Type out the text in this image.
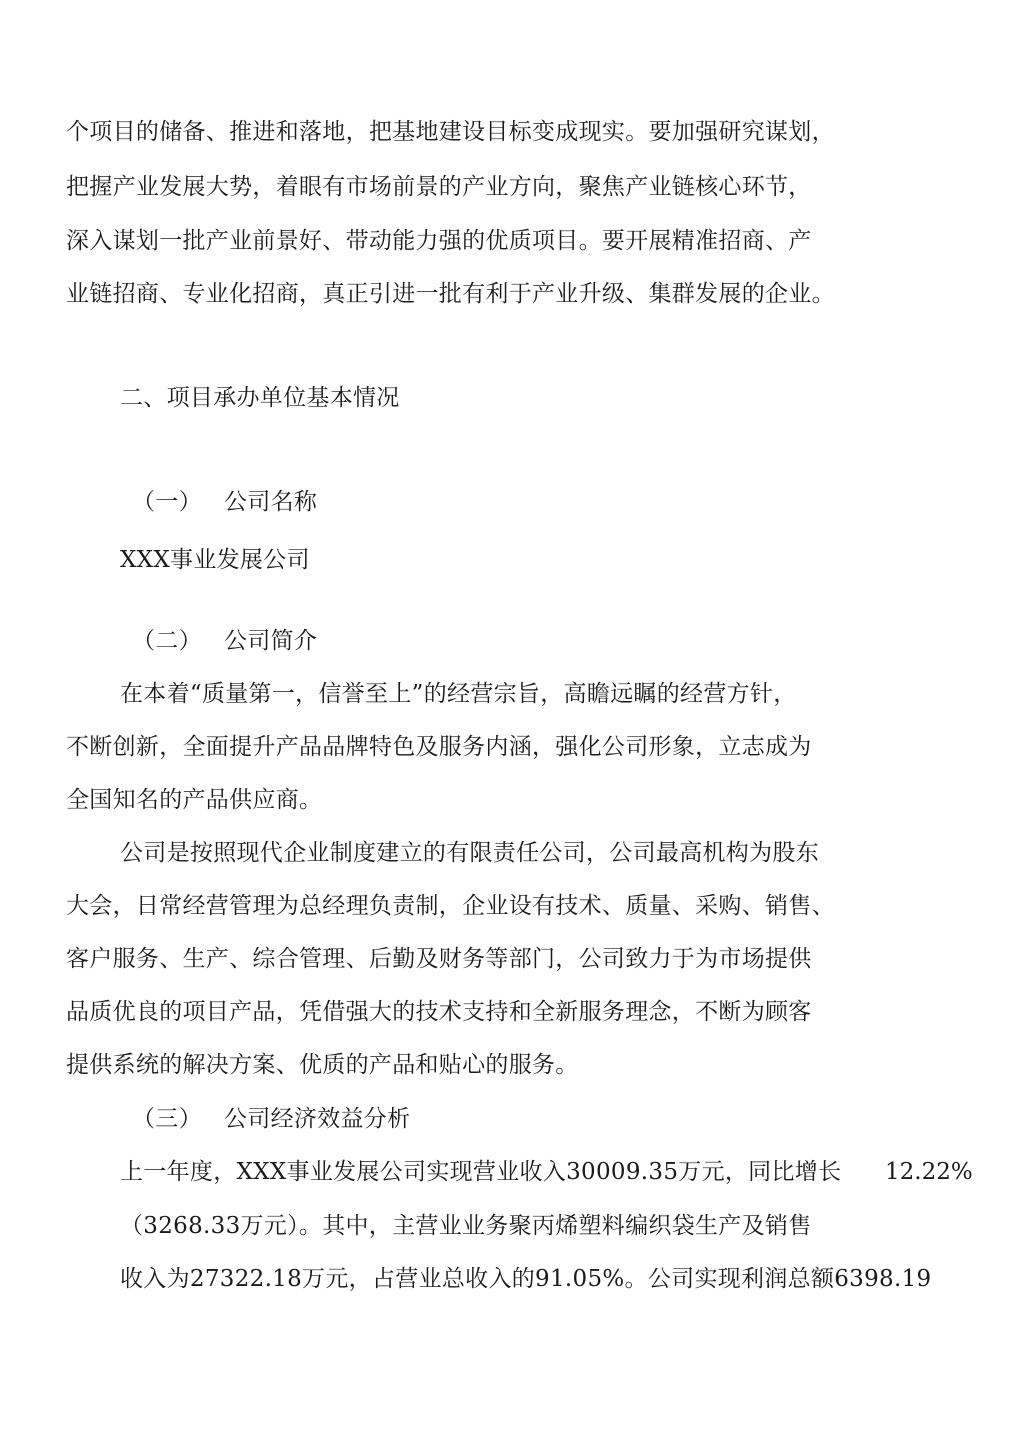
个项目的储备、推进和落地，把基地建设目标变成现实。要加强研究谋划，
把握产业发展大势，着眼有市场前景的产业方向，聚焦产业链核心环节，
深入谋划一批产业前景好、带动能力强的优质项目。要开展精准招商、产
业链招商、专业化招商，真正引进一批有利于产业升级、集群发展的企业。
二、项目承办单位基本情况
（一） 公司名称
XXX事业发展公司
（二） 公司简介
在本着“质量第一，信誉至上”的经营宗旨，高瞻远瞩的经营方针，
不断创新，全面提升产品品牌特色及服务内涵，强化公司形象，立志成为
全国知名的产品供应商。
公司是按照现代企业制度建立的有限责任公司，公司最高机构为股东
大会，日常经营管理为总经理负责制，企业设有技术、质量、采购、销售、
客户服务、生产、综合管理、后勤及财务等部门，公司致力于为市场提供
品质优良的项目产品，凭借强大的技术支持和全新服务理念，不断为顾客
提供系统的解决方案、优质的产品和贴心的服务。
（三） 公司经济效益分析
上一年度，XXX事业发展公司实现营业收入30009.35万元，同比增长 12.22%
（3268.33万元）。其中，主营业业务聚丙烯塑料编织袋生产及销售
收入为27322.18万元，占营业总收入的91.05%。公司实现利润总额6398.19
